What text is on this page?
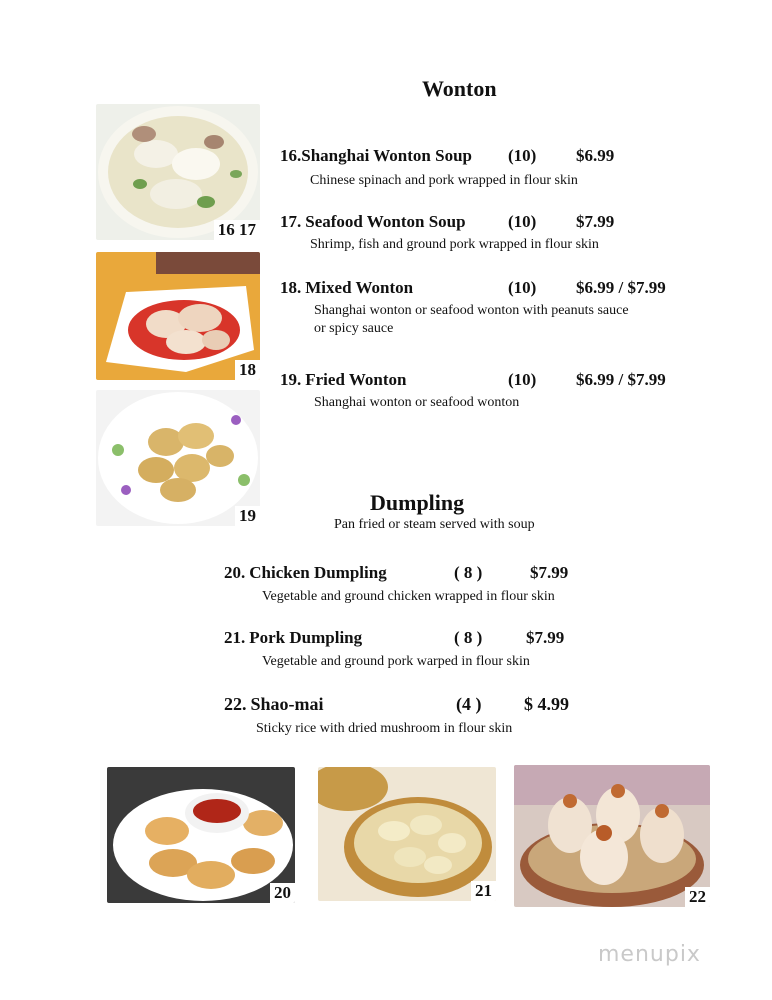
Wonton
16 17
18
19
16.Shanghai Wonton Soup (10) $6.99
Chinese spinach and pork wrapped in flour skin
17. Seafood Wonton Soup (10) $7.99
Shrimp, fish and ground pork wrapped in flour skin
18. Mixed Wonton	(10) $6.99 / $7.99
Shanghai wonton or seafood wonton with peanuts sauce or spicy sauce
19. Fried Wonton	(10) $6.99 / $7.99
Shanghai wonton or seafood wonton
Dumpling
Pan fried or steam served with soup
20. Chicken Dumpling	( 8 )	$7.99
Vegetable and ground chicken wrapped in flour skin
21. Pork Dumpling	( 8 )	$7.99
Vegetable and ground pork warped in flour skin
22. Shao-mai	(4 ) $ 4.99
Sticky rice with dried mushroom in flour skin
20	21	22
menupix
